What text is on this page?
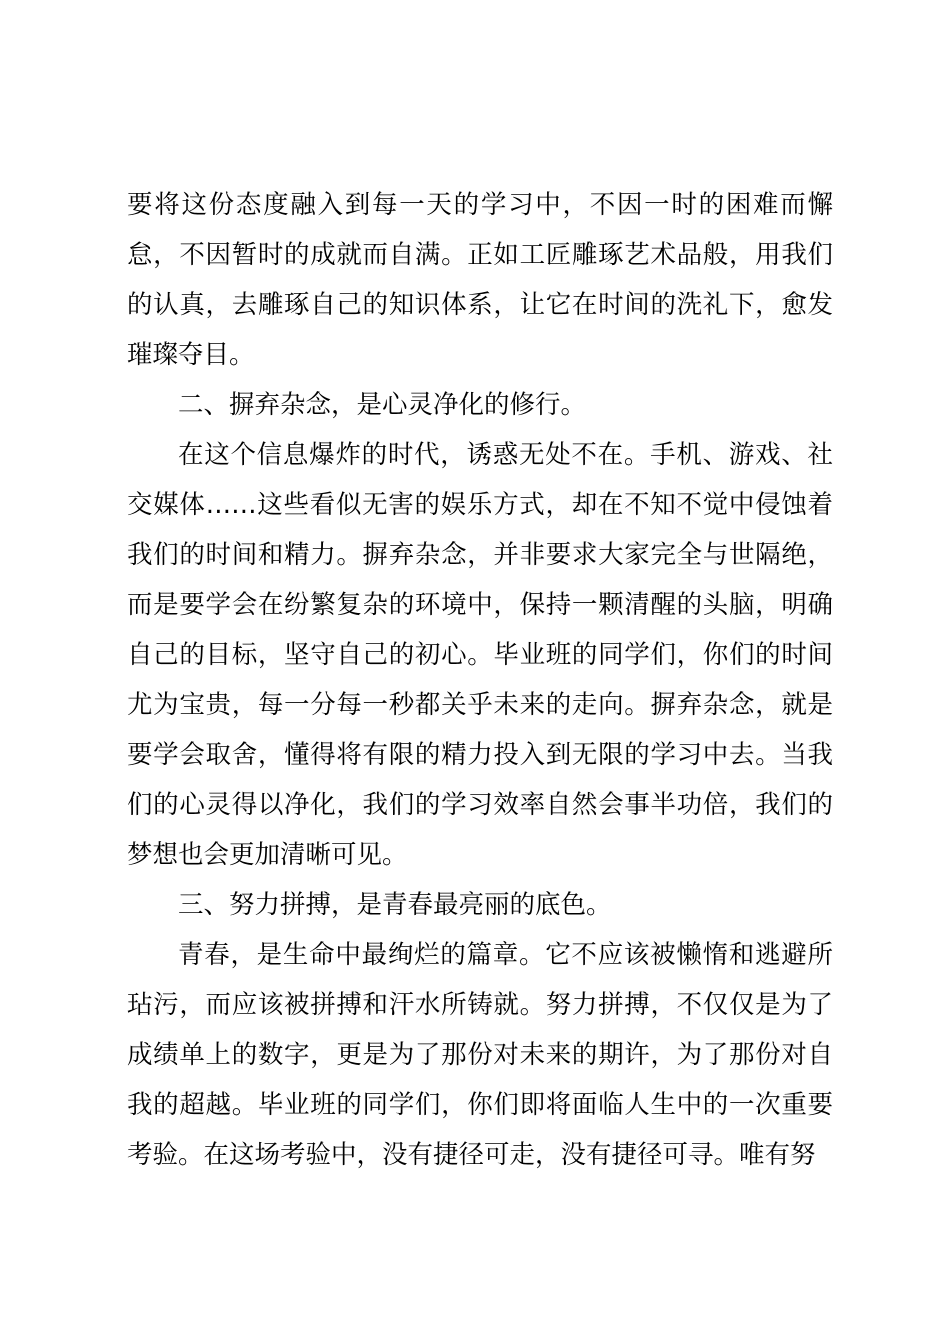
要将这份态度融入到每一天的学习中，不因一时的困难而懈怠，不因暂时的成就而自满。正如工匠雕琢艺术品般，用我们的认真，去雕琢自己的知识体系，让它在时间的洗礼下，愈发璀璨夺目。

二、摒弃杂念，是心灵净化的修行。

在这个信息爆炸的时代，诱惑无处不在。手机、游戏、社交媒体……这些看似无害的娱乐方式，却在不知不觉中侵蚀着我们的时间和精力。摒弃杂念，并非要求大家完全与世隔绝，而是要学会在纷繁复杂的环境中，保持一颗清醒的头脑，明确自己的目标，坚守自己的初心。毕业班的同学们，你们的时间尤为宝贵，每一分每一秒都关乎未来的走向。摒弃杂念，就是要学会取舍，懂得将有限的精力投入到无限的学习中去。当我们的心灵得以净化，我们的学习效率自然会事半功倍，我们的梦想也会更加清晰可见。

三、努力拼搏，是青春最亮丽的底色。

青春，是生命中最绚烂的篇章。它不应该被懒惰和逃避所玷污，而应该被拼搏和汗水所铸就。努力拼搏，不仅仅是为了成绩单上的数字，更是为了那份对未来的期许，为了那份对自我的超越。毕业班的同学们，你们即将面临人生中的一次重要考验。在这场考验中，没有捷径可走，没有捷径可寻。唯有努
